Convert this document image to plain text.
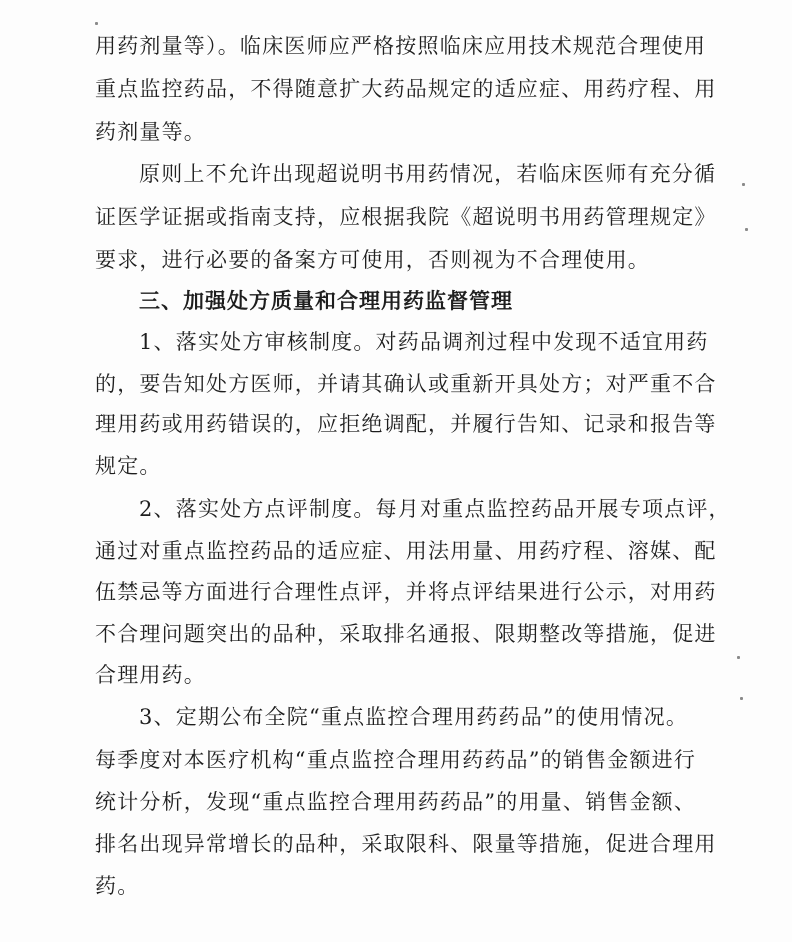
用药剂量等）。临床医师应严格按照临床应用技术规范合理使用
重点监控药品，不得随意扩大药品规定的适应症、用药疗程、用
药剂量等。
原则上不允许出现超说明书用药情况，若临床医师有充分循
证医学证据或指南支持，应根据我院《超说明书用药管理规定》
要求，进行必要的备案方可使用，否则视为不合理使用。
三、加强处方质量和合理用药监督管理
1、落实处方审核制度。对药品调剂过程中发现不适宜用药
的，要告知处方医师，并请其确认或重新开具处方；对严重不合
理用药或用药错误的，应拒绝调配，并履行告知、记录和报告等
规定。
2、落实处方点评制度。每月对重点监控药品开展专项点评，
通过对重点监控药品的适应症、用法用量、用药疗程、溶媒、配
伍禁忌等方面进行合理性点评，并将点评结果进行公示，对用药
不合理问题突出的品种，采取排名通报、限期整改等措施，促进
合理用药。
3、定期公布全院“重点监控合理用药药品”的使用情况。
每季度对本医疗机构“重点监控合理用药药品”的销售金额进行
统计分析，发现“重点监控合理用药药品”的用量、销售金额、
排名出现异常增长的品种，采取限科、限量等措施，促进合理用
药。
